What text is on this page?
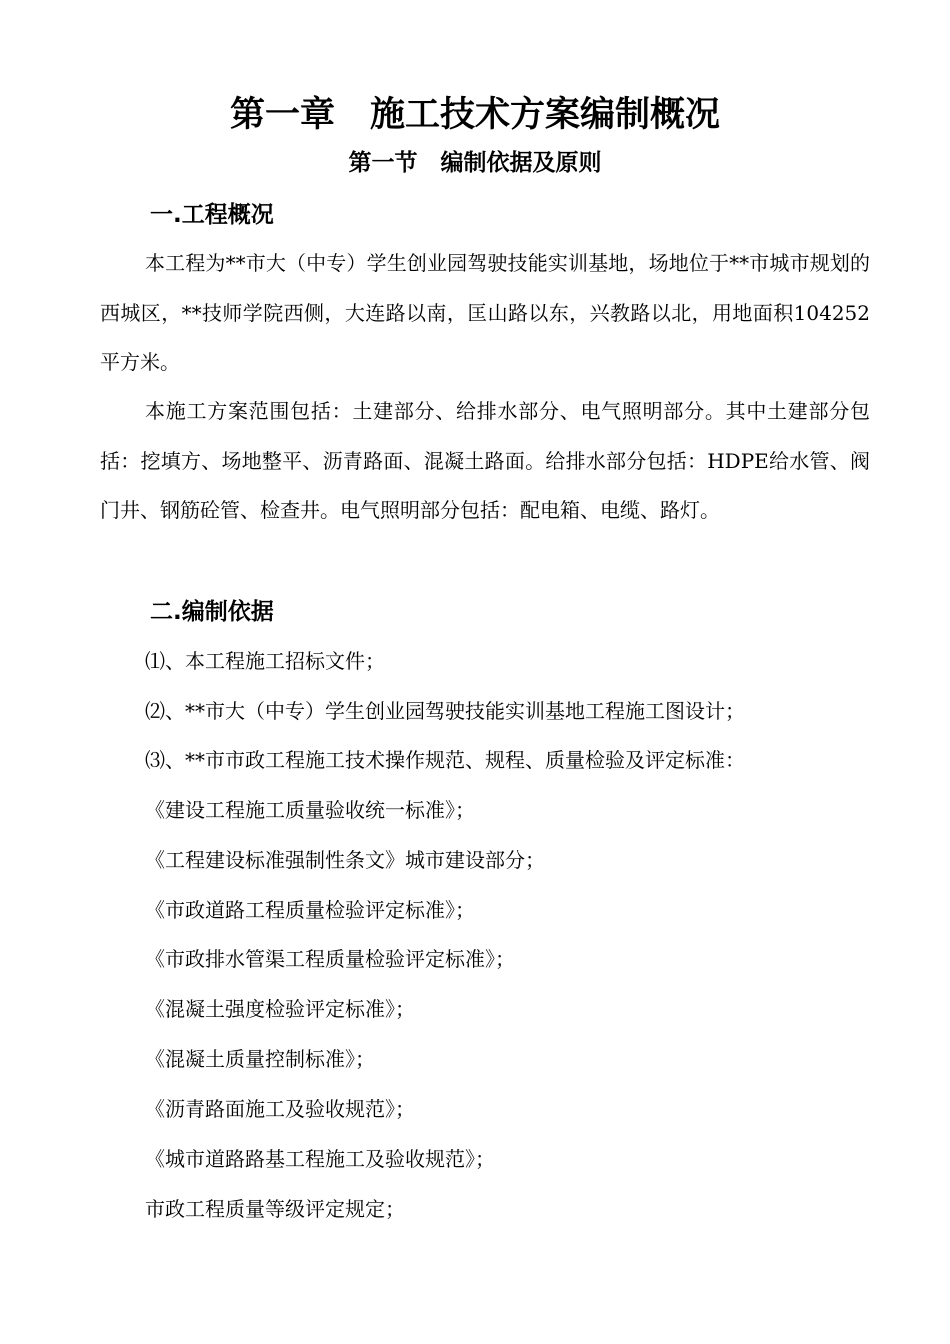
第一章　施工技术方案编制概况
第一节　编制依据及原则
一.工程概况

本工程为**市大（中专）学生创业园驾驶技能实训基地，场地位于**市城市规划的西城区，**技师学院西侧，大连路以南，匡山路以东，兴教路以北，用地面积104252平方米。

本施工方案范围包括：土建部分、给排水部分、电气照明部分。其中土建部分包括：挖填方、场地整平、沥青路面、混凝土路面。给排水部分包括：HDPE给水管、阀门井、钢筋砼管、检查井。电气照明部分包括：配电箱、电缆、路灯。

二.编制依据
⑴、本工程施工招标文件；
⑵、**市大（中专）学生创业园驾驶技能实训基地工程施工图设计；
⑶、**市市政工程施工技术操作规范、规程、质量检验及评定标准：
《建设工程施工质量验收统一标准》；
《工程建设标准强制性条文》城市建设部分；
《市政道路工程质量检验评定标准》；
《市政排水管渠工程质量检验评定标准》；
《混凝土强度检验评定标准》；
《混凝土质量控制标准》；
《沥青路面施工及验收规范》；
《城市道路路基工程施工及验收规范》；
市政工程质量等级评定规定；
